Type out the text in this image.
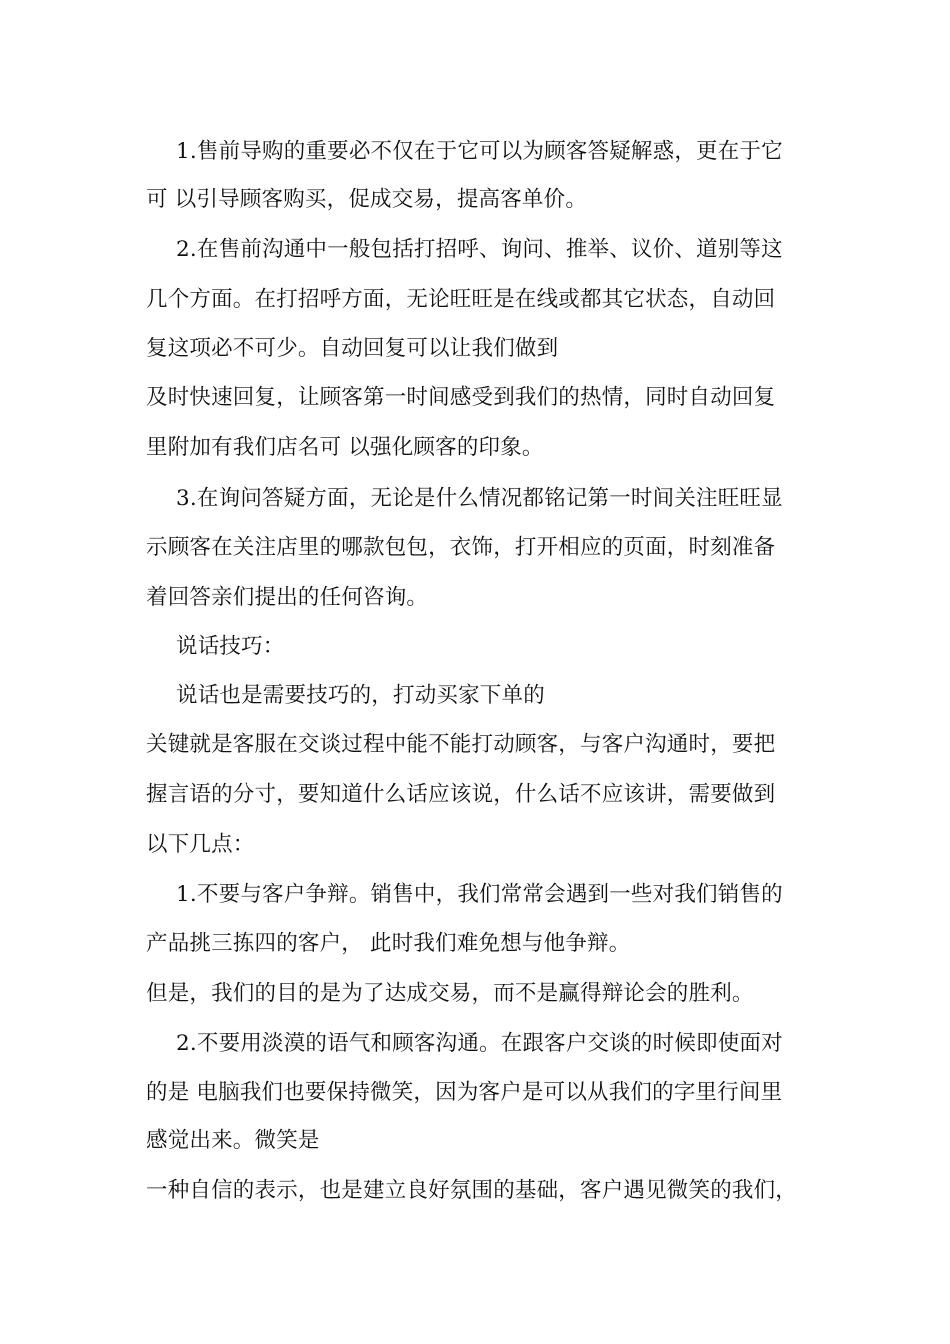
1.售前导购的重要必不仅在于它可以为顾客答疑解惑，更在于它
可 以引导顾客购买，促成交易，提高客单价。
2.在售前沟通中一般包括打招呼、询问、推举、议价、道别等这
几个方面。在打招呼方面，无论旺旺是在线或都其它状态，自动回
复这项必不可少。自动回复可以让我们做到
及时快速回复，让顾客第一时间感受到我们的热情，同时自动回复
里附加有我们店名可 以强化顾客的印象。
3.在询问答疑方面，无论是什么情况都铭记第一时间关注旺旺显
示顾客在关注店里的哪款包包，衣饰，打开相应的页面，时刻准备
着回答亲们提出的任何咨询。
说话技巧：
说话也是需要技巧的，打动买家下单的
关键就是客服在交谈过程中能不能打动顾客，与客户沟通时，要把
握言语的分寸，要知道什么话应该说，什么话不应该讲，需要做到
以下几点：
1.不要与客户争辩。销售中，我们常常会遇到一些对我们销售的
产品挑三拣四的客户， 此时我们难免想与他争辩。
但是，我们的目的是为了达成交易，而不是赢得辩论会的胜利。
2.不要用淡漠的语气和顾客沟通。在跟客户交谈的时候即使面对
的是 电脑我们也要保持微笑，因为客户是可以从我们的字里行间里
感觉出来。微笑是
一种自信的表示，也是建立良好氛围的基础，客户遇见微笑的我们，
